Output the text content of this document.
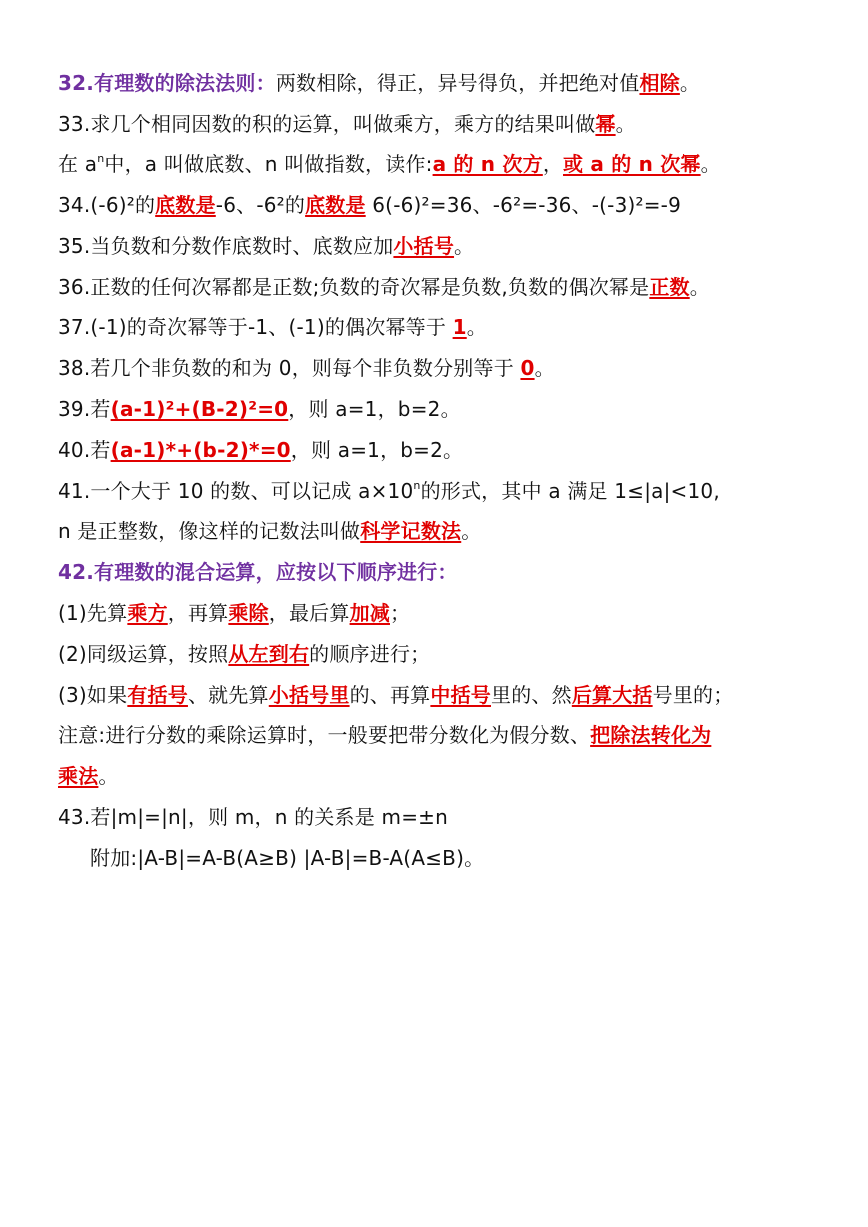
32.有理数的除法法则：两数相除，得正，异号得负，并把绝对值相除。
33.求几个相同因数的积的运算，叫做乘方，乘方的结果叫做幂。
在 $a^n$中，a 叫做底数、n 叫做指数，读作:a 的 n 次方，或 a 的 n 次幂。
34.(-6)²的底数是-6、-6²的底数是 6(-6)²=36、-6²=-36、-(-3)²=-9
35.当负数和分数作底数时、底数应加小括号。
36.正数的任何次幂都是正数;负数的奇次幂是负数,负数的偶次幂是正数。
37.(-1)的奇次幂等于-1、(-1)的偶次幂等于 1。
38.若几个非负数的和为 0，则每个非负数分别等于 0。
39.若(a-1)²+(B-2)²=0，则 a=1，b=2。
40.若(a-1)*+(b-2)*=0，则 a=1，b=2。
41.一个大于 10 的数、可以记成 $a\times 10^n$的形式，其中 a 满足 1≤|a|<10,
n 是正整数，像这样的记数法叫做科学记数法。
42.有理数的混合运算，应按以下顺序进行：
(1)先算乘方，再算乘除，最后算加减；
(2)同级运算，按照从左到右的顺序进行；
(3)如果有括号、就先算小括号里的、再算中括号里的、然后算大括号里的；
注意:进行分数的乘除运算时，一般要把带分数化为假分数、把除法转化为
乘法。
43.若|m|=|n|，则 m，n 的关系是 m=±n
附加:|A-B|=A-B(A≥B) |A-B|=B-A(A≤B)。
